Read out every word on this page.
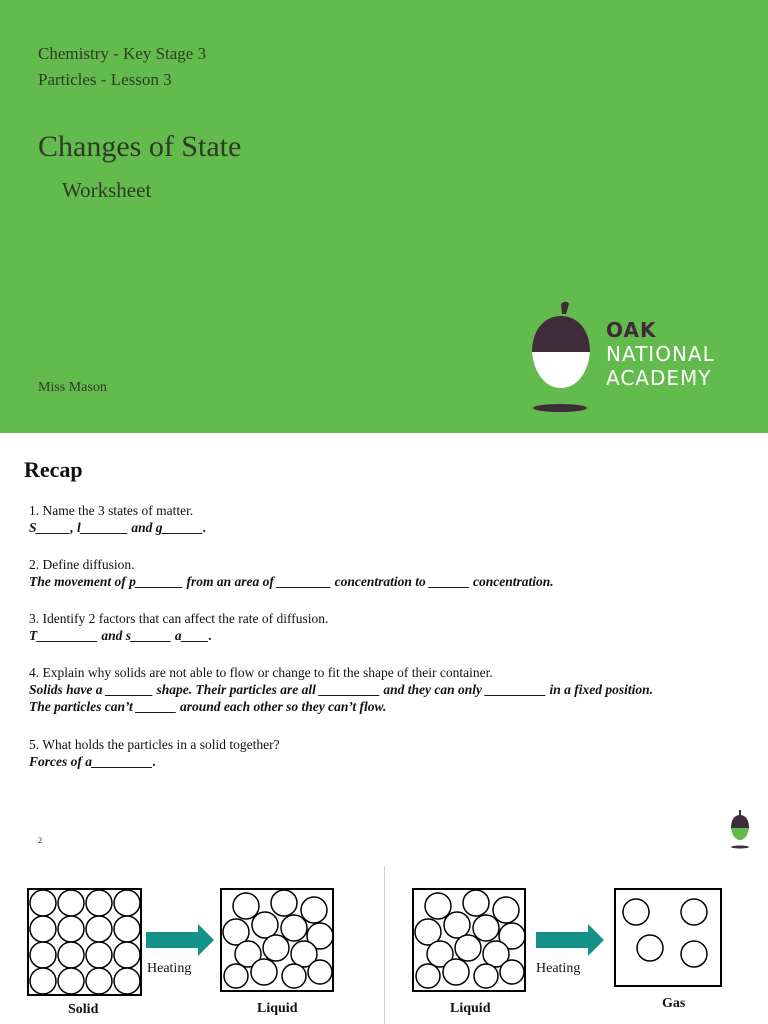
Chemistry - Key Stage 3
Particles - Lesson 3
Changes of State
Worksheet
Miss Mason
OAK
NATIONAL
ACADEMY
Recap
1. Name the 3 states of matter.
S_____, l_______ and g______.
2. Define diffusion.
The movement of p_______ from an area of ________ concentration to ______ concentration.
3. Identify 2 factors that can affect the rate of diffusion.
T_________ and s______ a____.
4. Explain why solids are not able to flow or change to fit the shape of their container.
Solids have a _______ shape. Their particles are all _________ and they can only _________ in a fixed position.
The particles can’t ______ around each other so they can’t flow.
5. What holds the particles in a solid together?
Forces of a_________.
2
Heating
Solid	Liquid
Heating
Liquid	Gas
